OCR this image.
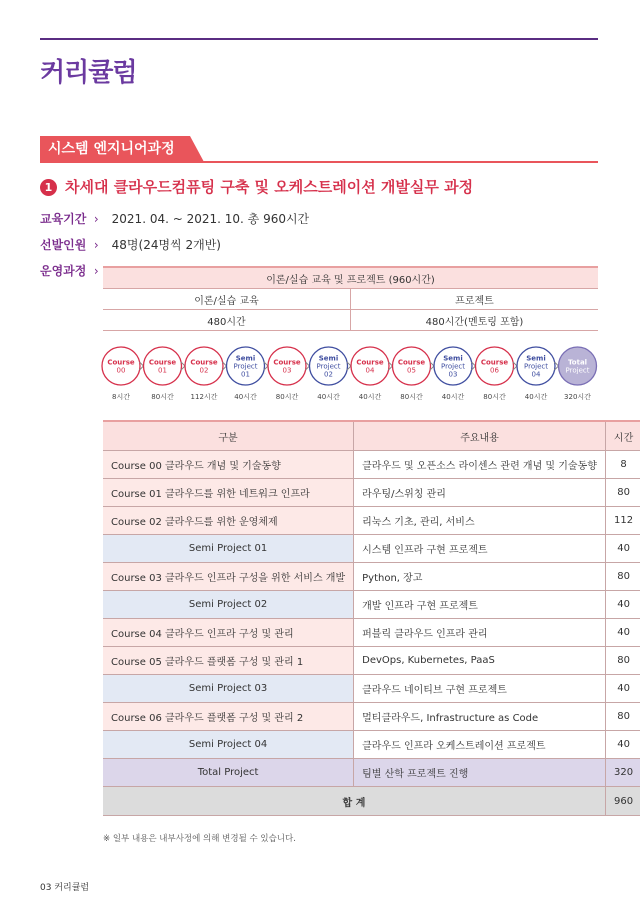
커리큘럼
시스템 엔지니어과정
1 차세대 클라우드컴퓨팅 구축 및 오케스트레이션 개발실무 과정
교육기간 › 2021. 04. ~ 2021. 10. 총 960시간
선발인원 › 48명(24명씩 2개반)
운영과정 ›
이론/실습 교육 및 프로젝트 (960시간)	
이론/실습 교육	프로젝트
480시간	480시간(멘토링 포함)
Course
00
Course
01
Course
02
Semi
Project
01
Course
03
Semi
Project
02
Course
04
Course
05
Semi
Project
03
Course
06
Semi
Project
04
Total
Project
8시간	80시간	112시간	40시간	80시간	40시간	40시간	80시간	40시간	80시간	40시간	320시간
구분	주요내용	시간
Course 00 클라우드 개념 및 기술동향	클라우드 및 오픈소스 라이센스 관련 개념 및 기술동향	8
Course 01 클라우드를 위한 네트워크 인프라	라우팅/스위칭 관리	80
Course 02 클라우드를 위한 운영체제	리눅스 기초, 관리, 서비스	112
Semi Project 01	시스템 인프라 구현 프로젝트	40
Course 03 클라우드 인프라 구성을 위한 서비스 개발	Python, 장고	80
Semi Project 02	개발 인프라 구현 프로젝트	40
Course 04 클라우드 인프라 구성 및 관리	퍼블릭 클라우드 인프라 관리	40
Course 05 클라우드 플랫폼 구성 및 관리 1	DevOps, Kubernetes, PaaS	80
Semi Project 03	클라우드 네이티브 구현 프로젝트	40
Course 06 클라우드 플랫폼 구성 및 관리 2	멀티클라우드, Infrastructure as Code	80
Semi Project 04	클라우드 인프라 오케스트레이션 프로젝트	40
Total Project	팀별 산학 프로젝트 진행	320
합 계		960
※ 일부 내용은 내부사정에 의해 변경될 수 있습니다.
03 커리큘럼
